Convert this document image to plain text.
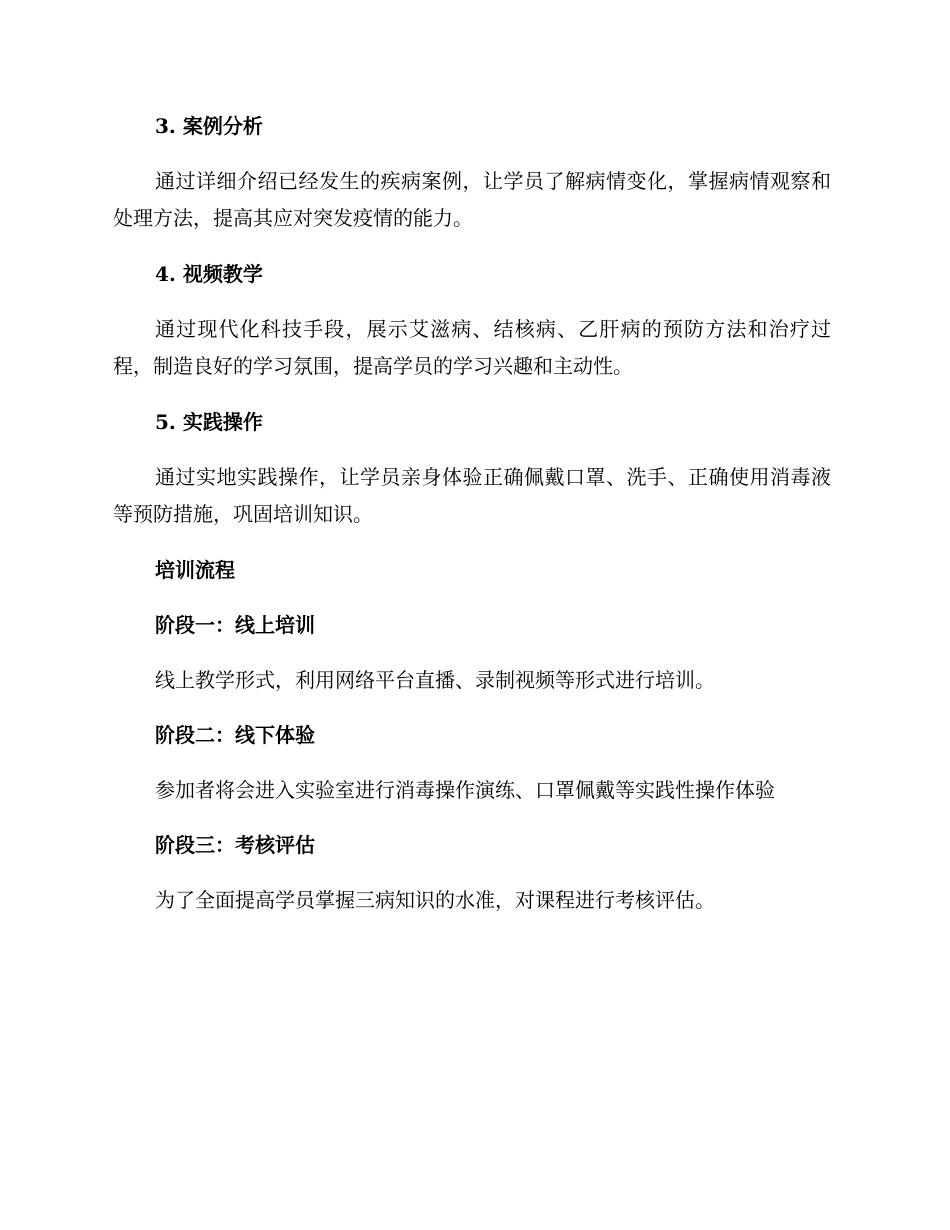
3. 案例分析

通过详细介绍已经发生的疾病案例，让学员了解病情变化，掌握病情观察和处理方法，提高其应对突发疫情的能力。

4. 视频教学

通过现代化科技手段，展示艾滋病、结核病、乙肝病的预防方法和治疗过程，制造良好的学习氛围，提高学员的学习兴趣和主动性。

5. 实践操作

通过实地实践操作，让学员亲身体验正确佩戴口罩、洗手、正确使用消毒液等预防措施，巩固培训知识。

培训流程
阶段一：线上培训

线上教学形式，利用网络平台直播、录制视频等形式进行培训。

阶段二：线下体验

参加者将会进入实验室进行消毒操作演练、口罩佩戴等实践性操作体验

阶段三：考核评估

为了全面提高学员掌握三病知识的水准，对课程进行考核评估。
